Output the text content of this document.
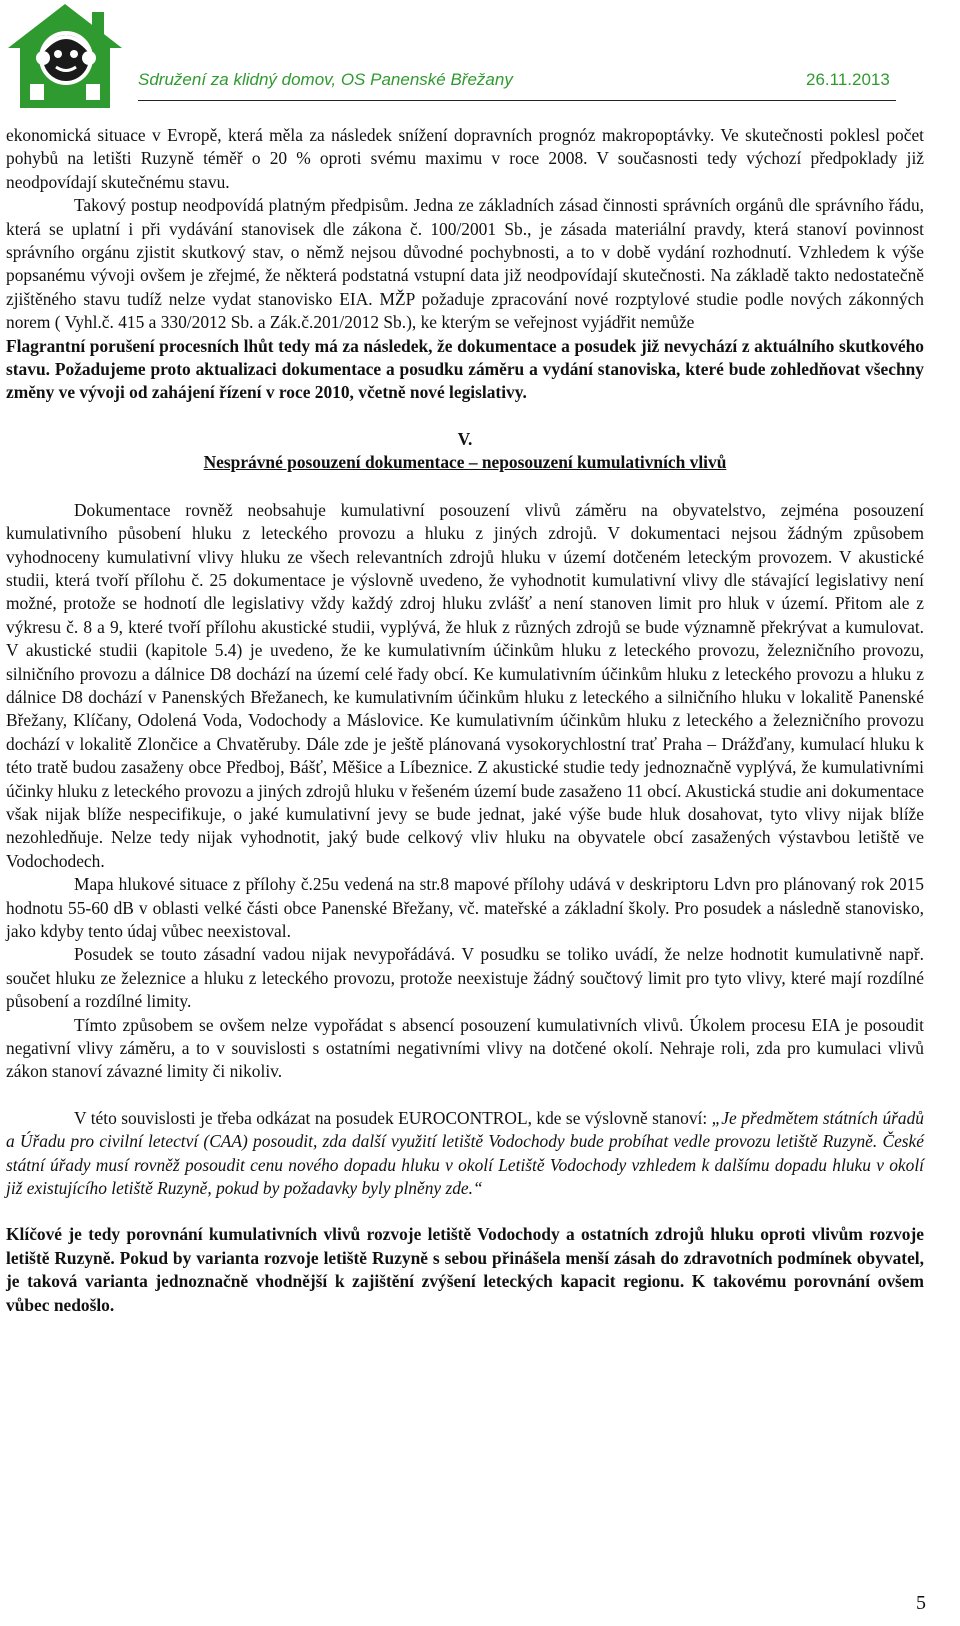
Sdružení za klidný domov, OS Panenské Břežany	26.11.2013

ekonomická situace v Evropě, která měla za následek snížení dopravních prognóz makropoptávky. Ve skutečnosti poklesl počet pohybů na letišti Ruzyně téměř o 20 % oproti svému maximu v roce 2008. V současnosti tedy výchozí předpoklady již neodpovídají skutečnému stavu.

Takový postup neodpovídá platným předpisům. Jedna ze základních zásad činnosti správních orgánů dle správního řádu, která se uplatní i při vydávání stanovisek dle zákona č. 100/2001 Sb., je zásada materiální pravdy, která stanoví povinnost správního orgánu zjistit skutkový stav, o němž nejsou důvodné pochybnosti, a to v době vydání rozhodnutí. Vzhledem k výše popsanému vývoji ovšem je zřejmé, že některá podstatná vstupní data již neodpovídají skutečnosti. Na základě takto nedostatečně zjištěného stavu tudíž nelze vydat stanovisko EIA. MŽP požaduje zpracování nové rozptylové studie podle nových zákonných norem ( Vyhl.č. 415 a 330/2012 Sb. a Zák.č.201/2012 Sb.), ke kterým se veřejnost vyjádřit nemůže

Flagrantní porušení procesních lhůt tedy má za následek, že dokumentace a posudek již nevychází z aktuálního skutkového stavu. Požadujeme proto aktualizaci dokumentace a posudku záměru a vydání stanoviska, které bude zohledňovat všechny změny ve vývoji od zahájení řízení v roce 2010, včetně nové legislativy.

V.

Nesprávné posouzení dokumentace – neposouzení kumulativních vlivů

Dokumentace rovněž neobsahuje kumulativní posouzení vlivů záměru na obyvatelstvo, zejména posouzení kumulativního působení hluku z leteckého provozu a hluku z jiných zdrojů. V dokumentaci nejsou žádným způsobem vyhodnoceny kumulativní vlivy hluku ze všech relevantních zdrojů hluku v území dotčeném leteckým provozem. V akustické studii, která tvoří přílohu č. 25 dokumentace je výslovně uvedeno, že vyhodnotit kumulativní vlivy dle stávající legislativy není možné, protože se hodnotí dle legislativy vždy každý zdroj hluku zvlášť a není stanoven limit pro hluk v území. Přitom ale z výkresu č. 8 a 9, které tvoří přílohu akustické studii, vyplývá, že hluk z různých zdrojů se bude významně překrývat a kumulovat. V akustické studii (kapitole 5.4) je uvedeno, že ke kumulativním účinkům hluku z leteckého provozu, železničního provozu, silničního provozu a dálnice D8 dochází na území celé řady obcí. Ke kumulativním účinkům hluku z leteckého provozu a hluku z dálnice D8 dochází v Panenských Břežanech, ke kumulativním účinkům hluku z leteckého a silničního hluku v lokalitě Panenské Břežany, Klíčany, Odolená Voda, Vodochody a Máslovice. Ke kumulativním účinkům hluku z leteckého a železničního provozu dochází v lokalitě Zlončice a Chvatěruby. Dále zde je ještě plánovaná vysokorychlostní trať Praha – Drážďany, kumulací hluku k této tratě budou zasaženy obce Předboj, Bášť, Měšice a Líbeznice. Z akustické studie tedy jednoznačně vyplývá, že kumulativními účinky hluku z leteckého provozu a jiných zdrojů hluku v řešeném území bude zasaženo 11 obcí. Akustická studie ani dokumentace však nijak blíže nespecifikuje, o jaké kumulativní jevy se bude jednat, jaké výše bude hluk dosahovat, tyto vlivy nijak blíže nezohledňuje. Nelze tedy nijak vyhodnotit, jaký bude celkový vliv hluku na obyvatele obcí zasažených výstavbou letiště ve Vodochodech.

Mapa hlukové situace z přílohy č.25u vedená na str.8 mapové přílohy udává v deskriptoru Ldvn pro plánovaný rok 2015 hodnotu 55-60 dB v oblasti velké části obce Panenské Břežany, vč. mateřské a základní školy. Pro posudek a následně stanovisko, jako kdyby tento údaj vůbec neexistoval.

Posudek se touto zásadní vadou nijak nevypořádává. V posudku se toliko uvádí, že nelze hodnotit kumulativně např. součet hluku ze železnice a hluku z leteckého provozu, protože neexistuje žádný součtový limit pro tyto vlivy, které mají rozdílné působení a rozdílné limity.

Tímto způsobem se ovšem nelze vypořádat s absencí posouzení kumulativních vlivů. Úkolem procesu EIA je posoudit negativní vlivy záměru, a to v souvislosti s ostatními negativními vlivy na dotčené okolí. Nehraje roli, zda pro kumulaci vlivů zákon stanoví závazné limity či nikoliv.

V této souvislosti je třeba odkázat na posudek EUROCONTROL, kde se výslovně stanoví: „Je předmětem státních úřadů a Úřadu pro civilní letectví (CAA) posoudit, zda další využití letiště Vodochody bude probíhat vedle provozu letiště Ruzyně. České státní úřady musí rovněž posoudit cenu nového dopadu hluku v okolí Letiště Vodochody vzhledem k dalšímu dopadu hluku v okolí již existujícího letiště Ruzyně, pokud by požadavky byly plněny zde.“

Klíčové je tedy porovnání kumulativních vlivů rozvoje letiště Vodochody a ostatních zdrojů hluku oproti vlivům rozvoje letiště Ruzyně. Pokud by varianta rozvoje letiště Ruzyně s sebou přinášela menší zásah do zdravotních podmínek obyvatel, je taková varianta jednoznačně vhodnější k zajištění zvýšení leteckých kapacit regionu. K takovému porovnání ovšem vůbec nedošlo.

5
